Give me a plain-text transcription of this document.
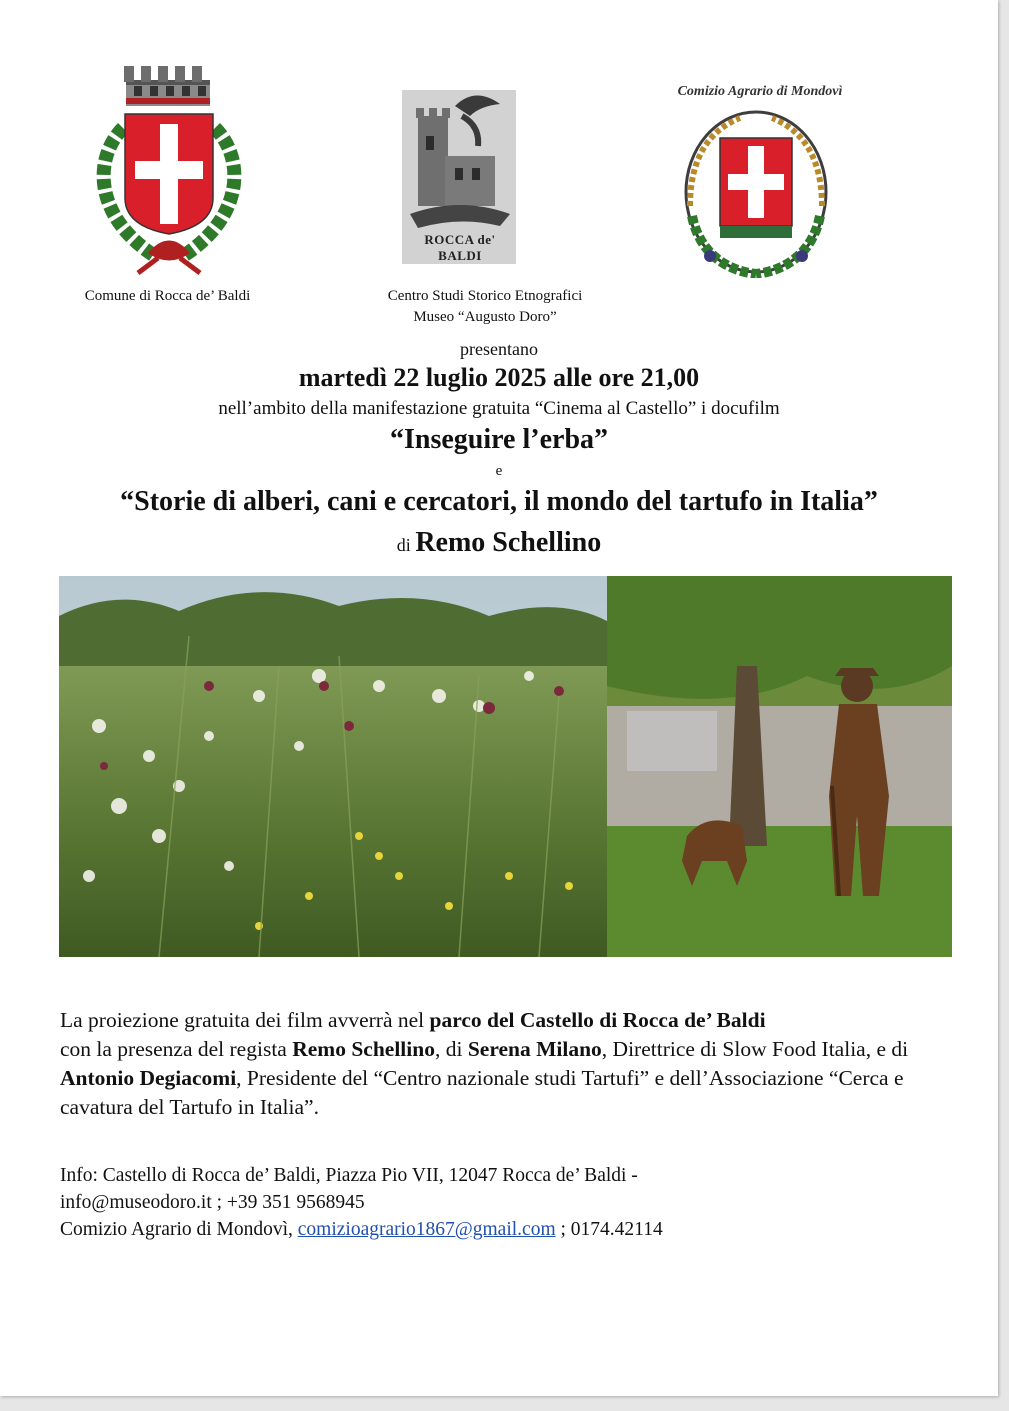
Comune di Rocca de’ Baldi
ROCCA de' BALDI
Centro Studi Storico Etnografici
Museo “Augusto Doro”
Comizio Agrario di Mondovì
presentano
martedì 22 luglio 2025 alle ore 21,00
nell’ambito della manifestazione gratuita “Cinema al Castello” i docufilm
“Inseguire l’erba”
e
“Storie di alberi, cani e cercatori, il mondo del tartufo in Italia”
di Remo Schellino
La proiezione gratuita dei film avverrà nel parco del Castello di Rocca de’ Baldi
con la presenza del regista Remo Schellino, di Serena Milano, Direttrice di Slow Food Italia, e di Antonio Degiacomi, Presidente del “Centro nazionale studi Tartufi” e dell’Associazione “Cerca e cavatura del Tartufo in Italia”.
Info: Castello di Rocca de’ Baldi, Piazza Pio VII, 12047 Rocca de’ Baldi -
info@museodoro.it ; +39 351 9568945
Comizio Agrario di Mondovì, comizioagrario1867@gmail.com ; 0174.42114
